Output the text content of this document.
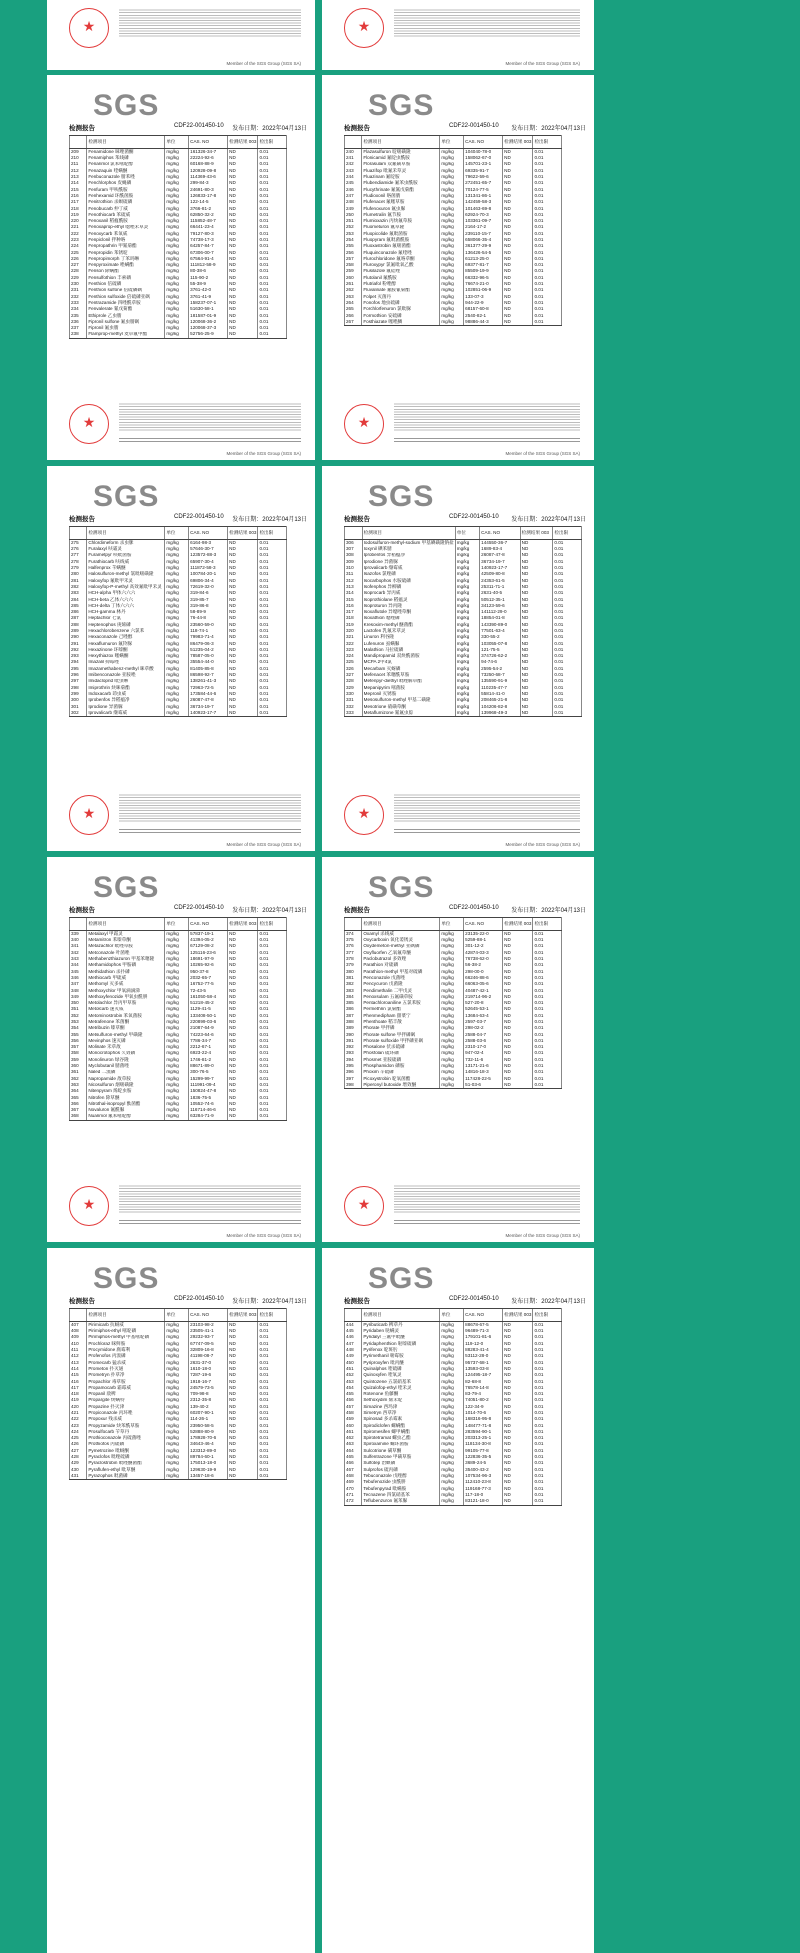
★
Member of the SGS Group (SGS SA)
★	Member of the SGS Group (SGS SA)
SGS
检测报告	CDF22-001450-10 发布日期：2022年04月13日
	检测项目	单位	CAS. NO	检测结果 003	检出限
209	Fenamidone 咪唑菌酮	mg/kg	161326-34-7	ND	0.01
210	Fenamiphos 苯线磷	mg/kg	22224-92-6	ND	0.01
211	Fenarimol 氯苯嘧啶醇	mg/kg	60168-88-9	ND	0.01
212	Fenazaquin 喹螨醚	mg/kg	120928-09-8	ND	0.01
213	Fenbuconazole 腈苯唑	mg/kg	114369-43-6	ND	0.01
214	Fenchlorphos 皮蝇磷	mg/kg	299-84-3	ND	0.01
215	Fenfuram 甲呋酰胺	mg/kg	24691-80-3	ND	0.01
216	Fenhexamid 环酰菌胺	mg/kg	126833-17-8	ND	0.01
217	Fenitrothion 杀螟硫磷	mg/kg	122-14-5	ND	0.01
218	Fenobucarb 仲丁威	mg/kg	3766-81-2	ND	0.01
219	Fenothiocarb 苯硫威	mg/kg	62850-32-2	ND	0.01
220	Fenoxanil 稻瘟酰胺	mg/kg	115852-48-7	ND	0.01
221	Fenoxaprop-ethyl 噁唑禾草灵	mg/kg	66441-23-4	ND	0.01
222	Fenoxycarb 苯氧威	mg/kg	79127-80-3	ND	0.01
223	Fenpiclonil 拌种咯	mg/kg	74738-17-3	ND	0.01
224	Fenpropathrin 甲氰菊酯	mg/kg	64257-84-7	ND	0.01
225	Fenpropidin 苯锈啶	mg/kg	67306-00-7	ND	0.01
226	Fenpropimorph 丁苯吗啉	mg/kg	67564-91-4	ND	0.01
227	Fenpyroximate 唑螨酯	mg/kg	111812-58-9	ND	0.01
228	Fenson 除螨酯	mg/kg	80-38-6	ND	0.01
229	Fensulfothion 丰索磷	mg/kg	115-90-2	ND	0.01
230	Fenthion 倍硫磷	mg/kg	55-38-9	ND	0.01
231	Fenthion sulfone 倍硫磷砜	mg/kg	3761-42-0	ND	0.01
232	Fenthion sulfoxide 倍硫磷亚砜	mg/kg	3761-41-9	ND	0.01
233	Fentrazamide 四唑酰草胺	mg/kg	158237-07-1	ND	0.01
234	Fenvalerate 氰戊菊酯	mg/kg	51630-58-1	ND	0.01
235	Ethiprole 乙虫腈	mg/kg	181587-01-9	ND	0.01
236	Fipronil sulfone 氟虫腈砜	mg/kg	120068-36-2	ND	0.01
237	Fipronil 氟虫腈	mg/kg	120068-37-3	ND	0.01
238	Flamprop-methyl 麦草氟甲酯	mg/kg	52756-25-9	ND	0.01
★
Member of the SGS Group (SGS SA)
SGS
检测报告	CDF22-001450-10 发布日期：2022年04月13日
	检测项目	单位	CAS. NO	检测结果 003	检出限
240	Flazasulfuron 啶嘧磺隆	mg/kg	104040-78-0	ND	0.01
241	Flonicamid 氟啶虫酰胺	mg/kg	158062-67-0	ND	0.01
242	Florasulam 双氟磺草胺	mg/kg	145701-23-1	ND	0.01
243	Fluazifop 吡氟禾草灵	mg/kg	69335-91-7	ND	0.01
244	Fluazinam 氟啶胺	mg/kg	79622-59-6	ND	0.01
245	Flubendiamide 氟苯虫酰胺	mg/kg	272451-65-7	ND	0.01
246	Flucythrinate 氟氰戊菊酯	mg/kg	70124-77-5	ND	0.01
247	Fludioxonil 咯菌腈	mg/kg	131341-86-1	ND	0.01
248	Flufenacet 氟噻草胺	mg/kg	142459-58-3	ND	0.01
249	Flufenoxuron 氟虫脲	mg/kg	101463-69-8	ND	0.01
250	Flumetralin 氟节胺	mg/kg	62924-70-3	ND	0.01
251	Flumioxazin 丙炔氟草胺	mg/kg	103361-09-7	ND	0.01
252	Fluometuron 氟草隆	mg/kg	2164-17-2	ND	0.01
253	Fluopicolide 氟吡菌胺	mg/kg	239110-15-7	ND	0.01
254	Fluopyram 氟吡菌酰胺	mg/kg	658066-35-4	ND	0.01
255	Fluoxastrobin 氟嘧菌酯	mg/kg	361377-29-9	ND	0.01
256	Fluquinconazole 氟喹唑	mg/kg	136426-54-5	ND	0.01
257	Flurochloridone 氟咯草酮	mg/kg	61213-25-0	ND	0.01
258	Fluroxypyr 氯氟吡氧乙酸	mg/kg	69377-81-7	ND	0.01
259	Flusilazole 氟硅唑	mg/kg	85509-19-9	ND	0.01
260	Flutolanil 氟酰胺	mg/kg	66332-96-5	ND	0.01
261	Flutriafol 粉唑醇	mg/kg	76674-21-0	ND	0.01
262	Fluvalinate 氟胺氰菊酯	mg/kg	102851-06-9	ND	0.01
263	Folpet 灭菌丹	mg/kg	133-07-3	ND	0.01
264	Fonofos 地虫硫磷	mg/kg	944-22-9	ND	0.01
265	Forchlorfenuron 氯吡脲	mg/kg	68157-60-8	ND	0.01
266	Formothion 安硫磷	mg/kg	2540-82-1	ND	0.01
267	Fosthiazate 噻唑膦	mg/kg	98886-44-3	ND	0.01
★
Member of the SGS Group (SGS SA)
SGS
检测报告	CDF22-001450-10 发布日期：2022年04月13日
	检测项目	单位	CAS. NO	检测结果 003	检出限
275	Chlordimeform 杀虫脒	mg/kg	6164-98-3	ND	0.01
276	Furalaxyl 呋霜灵	mg/kg	57646-30-7	ND	0.01
277	Furametpyr 呋吡菌胺	mg/kg	123572-88-3	ND	0.01
278	Furathiocarb 呋线威	mg/kg	65907-30-4	ND	0.01
279	Halfenprox 苄螨醚	mg/kg	111872-58-3	ND	0.01
280	Halosulfuron-methyl 氯吡嘧磺隆	mg/kg	100784-20-1	ND	0.01
281	Haloxyfop 氟吡甲禾灵	mg/kg	69806-34-4	ND	0.01
282	Haloxyfop-P-methyl 高效氟吡甲禾灵	mg/kg	72619-32-0	ND	0.01
283	HCH-alpha 甲体六六六	mg/kg	319-84-6	ND	0.01
284	HCH-beta 乙体六六六	mg/kg	319-85-7	ND	0.01
285	HCH-delta 丁体六六六	mg/kg	319-86-8	ND	0.01
286	HCH-gamma 林丹	mg/kg	58-89-9	ND	0.01
287	Heptachlor 七氯	mg/kg	76-44-8	ND	0.01
288	Heptenophos 庚烯磷	mg/kg	23560-59-0	ND	0.01
289	Hexachlorobenzene 六氯苯	mg/kg	118-74-1	ND	0.01
290	Hexaconazole 己唑醇	mg/kg	79983-71-4	ND	0.01
291	Hexaflumuron 氟铃脲	mg/kg	86479-06-3	ND	0.01
292	Hexazinone 环嗪酮	mg/kg	51235-04-2	ND	0.01
293	Hexythiazox 噻螨酮	mg/kg	78587-05-0	ND	0.01
294	Imazalil 抑霉唑	mg/kg	35554-44-0	ND	0.01
295	Imazamethabenz-methyl 咪草酸	mg/kg	81405-85-8	ND	0.01
296	Imibenconazole 亚胺唑	mg/kg	86598-92-7	ND	0.01
297	Imidacloprid 吡虫啉	mg/kg	138261-41-3	ND	0.01
298	Imiprothrin 炔咪菊酯	mg/kg	72963-72-5	ND	0.01
299	Indoxacarb 茚虫威	mg/kg	173584-44-6	ND	0.01
300	Iprobenfos 异稻瘟净	mg/kg	26087-47-8	ND	0.01
301	Iprodione 异菌脲	mg/kg	36734-19-7	ND	0.01
302	Iprovalicarb 缬霉威	mg/kg	140923-17-7	ND	0.01
★
Member of the SGS Group (SGS SA)
SGS
检测报告	CDF22-001450-10 发布日期：2022年04月13日
	检测项目	单位	CAS. NO	检测结果 003	检出限
306	Iodosulfuron-methyl-sodium 甲基碘磺隆钠盐	mg/kg	144550-36-7	ND	0.01
307	Ioxynil 碘苯腈	mg/kg	1689-83-4	ND	0.01
308	Iprobenfos 异稻瘟净	mg/kg	26087-47-8	ND	0.01
309	Iprodione 异菌脲	mg/kg	36734-19-7	ND	0.01
310	Iprovalicarb 缬霉威	mg/kg	140923-17-7	ND	0.01
311	Isazofos 氯唑磷	mg/kg	42509-80-8	ND	0.01
312	Isocarbophos 水胺硫磷	mg/kg	24353-61-5	ND	0.01
313	Isofenphos 异柳磷	mg/kg	25311-71-1	ND	0.01
314	Isoprocarb 异丙威	mg/kg	2631-40-5	ND	0.01
315	Isoprothiolane 稻瘟灵	mg/kg	50512-35-1	ND	0.01
316	Isoproturon 异丙隆	mg/kg	34123-59-6	ND	0.01
317	Isoxaflutole 异噁唑草酮	mg/kg	141112-29-0	ND	0.01
318	Isoxathion 噁唑磷	mg/kg	18854-01-8	ND	0.01
319	Kresoxim-methyl 醚菌酯	mg/kg	143390-89-0	ND	0.01
320	Lactofen 乳氟禾草灵	mg/kg	77501-63-4	ND	0.01
321	Linuron 利谷隆	mg/kg	330-55-2	ND	0.01
322	Lufenuron 虱螨脲	mg/kg	103055-07-8	ND	0.01
323	Malathion 马拉硫磷	mg/kg	121-75-5	ND	0.01
324	Mandipropamid 双炔酰菌胺	mg/kg	374726-62-2	ND	0.01
325	MCPA 2甲4氯	mg/kg	94-74-6	ND	0.01
326	Mecarbam 灭蚜磷	mg/kg	2595-54-2	ND	0.01
327	Mefenacet 苯噻酰草胺	mg/kg	73250-68-7	ND	0.01
328	Mefenpyr-diethyl 吡唑解草酯	mg/kg	135590-91-9	ND	0.01
329	Mepanipyrim 嘧菌胺	mg/kg	110235-47-7	ND	0.01
330	Mepronil 灭锈胺	mg/kg	55814-41-0	ND	0.01
331	Mesosulfuron-methyl 甲基二磺隆	mg/kg	208465-21-8	ND	0.01
332	Mesotrione 硝磺草酮	mg/kg	104206-82-8	ND	0.01
333	Metaflumizone 氰氟虫腙	mg/kg	139968-49-3	ND	0.01
★
Member of the SGS Group (SGS SA)
SGS
检测报告	CDF22-001450-10 发布日期：2022年04月13日
	检测项目	单位	CAS. NO	检测结果 003	检出限
339	Metalaxyl 甲霜灵	mg/kg	57837-19-1	ND	0.01
340	Metamitron 苯嗪草酮	mg/kg	41394-05-2	ND	0.01
341	Metazachlor 吡唑草胺	mg/kg	67129-08-2	ND	0.01
342	Metconazole 叶菌唑	mg/kg	125116-23-6	ND	0.01
343	Methabenzthiazuron 甲基苯噻隆	mg/kg	18691-97-9	ND	0.01
344	Methamidophos 甲胺磷	mg/kg	10265-92-6	ND	0.01
345	Methidathion 杀扑磷	mg/kg	950-37-8	ND	0.01
346	Methiocarb 甲硫威	mg/kg	2032-65-7	ND	0.01
347	Methomyl 灭多威	mg/kg	16752-77-5	ND	0.01
348	Methoxychlor 甲氧滴滴涕	mg/kg	72-43-5	ND	0.01
349	Methoxyfenozide 甲氧虫酰肼	mg/kg	161050-58-4	ND	0.01
350	Metolachlor 异丙甲草胺	mg/kg	51218-45-2	ND	0.01
351	Metolcarb 速灭威	mg/kg	1129-41-5	ND	0.01
352	Metominostrobin 苯氧菌胺	mg/kg	133408-50-1	ND	0.01
353	Metrafenone 苯菌酮	mg/kg	220899-03-6	ND	0.01
354	Metribuzin 嗪草酮	mg/kg	21087-64-9	ND	0.01
355	Metsulfuron-methyl 甲磺隆	mg/kg	74223-64-6	ND	0.01
356	Mevinphos 速灭磷	mg/kg	7786-34-7	ND	0.01
357	Molinate 禾草敌	mg/kg	2212-67-1	ND	0.01
358	Monocrotophos 久效磷	mg/kg	6923-22-4	ND	0.01
359	Monolinuron 绿谷隆	mg/kg	1746-81-2	ND	0.01
360	Myclobutanil 腈菌唑	mg/kg	88671-89-0	ND	0.01
361	Naled 二溴磷	mg/kg	300-76-5	ND	0.01
362	Napropamide 敌草胺	mg/kg	15299-99-7	ND	0.01
363	Nicosulfuron 烟嘧磺隆	mg/kg	111991-09-4	ND	0.01
364	Nitenpyram 烯啶虫胺	mg/kg	150824-47-8	ND	0.01
365	Nitrofen 除草醚	mg/kg	1836-75-5	ND	0.01
366	Nitrothal-isopropyl 酞菌酯	mg/kg	10552-74-6	ND	0.01
367	Novaluron 氟酰脲	mg/kg	116714-46-6	ND	0.01
368	Nuarimol 氟苯嘧啶醇	mg/kg	63284-71-9	ND	0.01
★
Member of the SGS Group (SGS SA)
SGS
检测报告	CDF22-001450-10 发布日期：2022年04月13日
	检测项目	单位	CAS. NO	检测结果 003	检出限
374	Oxamyl 杀线威	mg/kg	23135-22-0	ND	0.01
375	Oxycarboxin 氧化萎锈灵	mg/kg	5259-88-1	ND	0.01
376	Oxydemeton-methyl 亚砜磷	mg/kg	301-12-2	ND	0.01
377	Oxyfluorfen 乙氧氟草醚	mg/kg	42874-03-3	ND	0.01
378	Paclobutrazol 多效唑	mg/kg	76738-62-0	ND	0.01
379	Parathion 对硫磷	mg/kg	56-38-2	ND	0.01
380	Parathion-methyl 甲基对硫磷	mg/kg	298-00-0	ND	0.01
381	Penconazole 戊菌唑	mg/kg	66246-88-6	ND	0.01
382	Pencycuron 戊菌隆	mg/kg	66063-05-6	ND	0.01
383	Pendimethalin 二甲戊灵	mg/kg	40487-42-1	ND	0.01
384	Penoxsulam 五氟磺草胺	mg/kg	219714-96-2	ND	0.01
385	Pentachloroaniline 五氯苯胺	mg/kg	527-20-8	ND	0.01
386	Permethrin 氯菊酯	mg/kg	52645-53-1	ND	0.01
387	Phenmedipham 甜菜宁	mg/kg	13684-63-4	ND	0.01
388	Phenthoate 稻丰散	mg/kg	2597-03-7	ND	0.01
389	Phorate 甲拌磷	mg/kg	298-02-2	ND	0.01
390	Phorate sulfone 甲拌磷砜	mg/kg	2588-04-7	ND	0.01
391	Phorate sulfoxide 甲拌磷亚砜	mg/kg	2588-03-6	ND	0.01
392	Phosalone 伏杀硫磷	mg/kg	2310-17-0	ND	0.01
393	Phosfolan 硫环磷	mg/kg	947-02-4	ND	0.01
394	Phosmet 亚胺硫磷	mg/kg	732-11-6	ND	0.01
395	Phosphamidon 磷胺	mg/kg	13171-21-6	ND	0.01
396	Phoxim 辛硫磷	mg/kg	14816-18-3	ND	0.01
397	Picoxystrobin 啶氧菌酯	mg/kg	117428-22-5	ND	0.01
398	Piperonyl butoxide 增效醚	mg/kg	51-03-6	ND	0.01
★
Member of the SGS Group (SGS SA)
SGS
检测报告	CDF22-001450-10 发布日期：2022年04月13日
	检测项目	单位	CAS. NO	检测结果 003	检出限
407	Pirimicarb 抗蚜威	mg/kg	23103-98-2	ND	0.01
408	Pirimiphos-ethyl 嘧啶磷	mg/kg	23505-41-1	ND	0.01
409	Pirimiphos-methyl 甲基嘧啶磷	mg/kg	29232-93-7	ND	0.01
410	Prochloraz 咪鲜胺	mg/kg	67747-09-5	ND	0.01
411	Procymidone 腐霉利	mg/kg	32809-16-8	ND	0.01
412	Profenofos 丙溴磷	mg/kg	41198-08-7	ND	0.01
413	Promecarb 猛杀威	mg/kg	2631-37-0	ND	0.01
414	Prometon 扑灭通	mg/kg	1610-18-0	ND	0.01
415	Prometryn 扑草净	mg/kg	7287-19-6	ND	0.01
416	Propachlor 毒草胺	mg/kg	1918-16-7	ND	0.01
417	Propamocarb 霜霉威	mg/kg	24579-73-5	ND	0.01
418	Propanil 敌稗	mg/kg	709-98-8	ND	0.01
419	Propargite 炔螨特	mg/kg	2312-35-8	ND	0.01
420	Propazine 扑灭津	mg/kg	139-40-2	ND	0.01
421	Propiconazole 丙环唑	mg/kg	60207-90-1	ND	0.01
422	Propoxur 残杀威	mg/kg	114-26-1	ND	0.01
423	Propyzamide 炔苯酰草胺	mg/kg	23950-58-5	ND	0.01
424	Prosulfocarb 苄草丹	mg/kg	52888-80-9	ND	0.01
425	Prothioconazole 丙硫菌唑	mg/kg	178928-70-6	ND	0.01
426	Prothiofos 丙硫磷	mg/kg	34643-46-4	ND	0.01
427	Pymetrozine 吡蚜酮	mg/kg	123312-89-0	ND	0.01
428	Pyraclofos 吡唑硫磷	mg/kg	89784-60-1	ND	0.01
429	Pyraclostrobin 吡唑醚菌酯	mg/kg	175013-18-0	ND	0.01
430	Pyraflufen-ethyl 吡草醚	mg/kg	129630-19-9	ND	0.01
431	Pyrazophos 吡菌磷	mg/kg	13457-18-6	ND	0.01
SGS
检测报告	CDF22-001450-10 发布日期：2022年04月13日
	检测项目	单位	CAS. NO	检测结果 003	检出限
444	Pyributicarb 稗草丹	mg/kg	88678-67-5	ND	0.01
445	Pyridaben 哒螨灵	mg/kg	96489-71-3	ND	0.01
446	Pyridalyl 三氟甲吡醚	mg/kg	179101-81-6	ND	0.01
447	Pyridaphenthion 哒嗪硫磷	mg/kg	119-12-0	ND	0.01
448	Pyrifenox 啶斑肟	mg/kg	88283-41-4	ND	0.01
449	Pyrimethanil 嘧霉胺	mg/kg	53112-28-0	ND	0.01
450	Pyriproxyfen 吡丙醚	mg/kg	95737-68-1	ND	0.01
451	Quinalphos 喹硫磷	mg/kg	13593-03-8	ND	0.01
452	Quinoxyfen 喹氧灵	mg/kg	124495-18-7	ND	0.01
453	Quintozene 五氯硝基苯	mg/kg	82-68-8	ND	0.01
454	Quizalofop-ethyl 喹禾灵	mg/kg	76578-14-8	ND	0.01
455	Rotenone 鱼藤酮	mg/kg	83-79-4	ND	0.01
456	Sethoxydim 烯禾啶	mg/kg	74051-80-2	ND	0.01
457	Simazine 西玛津	mg/kg	122-34-9	ND	0.01
458	Simetryn 西草净	mg/kg	1014-70-6	ND	0.01
459	Spinosad 多杀霉素	mg/kg	168316-95-8	ND	0.01
460	Spirodiclofen 螺螨酯	mg/kg	148477-71-8	ND	0.01
461	Spiromesifen 螺甲螨酯	mg/kg	283594-90-1	ND	0.01
462	Spirotetramat 螺虫乙酯	mg/kg	203313-25-1	ND	0.01
463	Spiroxamine 螺环菌胺	mg/kg	118134-30-8	ND	0.01
464	Sulcotrione 磺草酮	mg/kg	99105-77-8	ND	0.01
465	Sulfentrazone 甲磺草胺	mg/kg	122836-35-5	ND	0.01
466	Sulfotep 治螟磷	mg/kg	3689-24-5	ND	0.01
467	Sulprofos 硫丙磷	mg/kg	35400-43-2	ND	0.01
468	Tebuconazole 戊唑醇	mg/kg	107534-96-3	ND	0.01
469	Tebufenozide 虫酰肼	mg/kg	112410-23-8	ND	0.01
470	Tebufenpyrad 吡螨胺	mg/kg	119168-77-3	ND	0.01
471	Tecnazene 四氯硝基苯	mg/kg	117-18-0	ND	0.01
472	Teflubenzuron 氟苯脲	mg/kg	83121-18-0	ND	0.01
